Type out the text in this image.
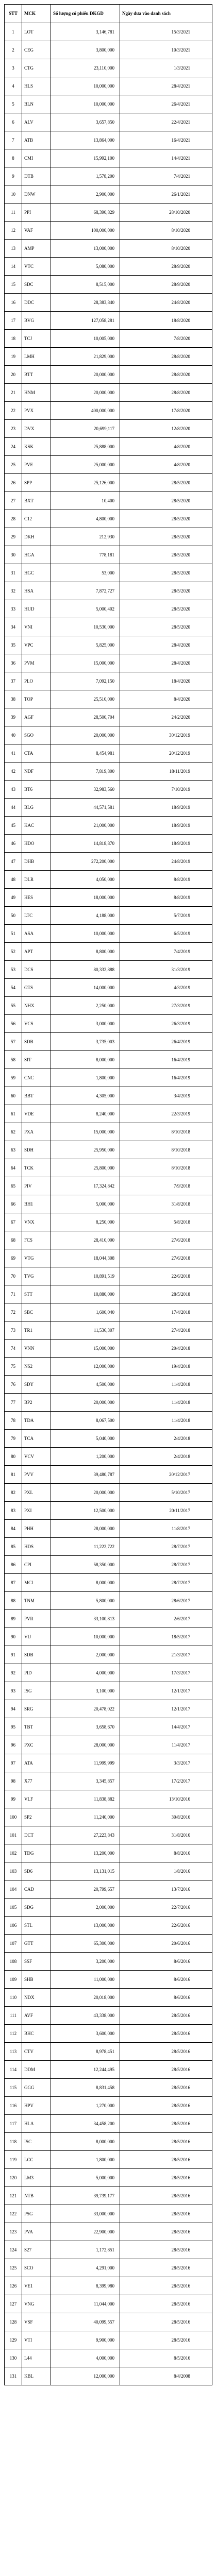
STT	MCK	Số lượng cổ phiếu ĐKGD	Ngày đưa vào danh sách
1	LOT	3,146,781	15/3/2021
2	CEG	3,800,000	10/3/2021
3	CTG	23,110,000	1/3/2021
4	HLS	10,000,000	28/4/2021
5	BLN	10,000,000	26/4/2021
6	ALV	3,657,850	22/4/2021
7	ATB	13,864,000	16/4/2021
8	CMI	15,992,100	14/4/2021
9	DTB	1,578,200	7/4/2021
10	DNW	2,900,000	26/1/2021
11	PPI	68,390,829	28/10/2020
12	VAF	100,000,000	8/10/2020
13	AMP	13,000,000	8/10/2020
14	VTC	5,080,000	28/9/2020
15	SDC	8,515,000	28/9/2020
16	DDC	28,383,840	24/8/2020
17	BVG	127,058,281	18/8/2020
18	TCJ	10,005,000	7/8/2020
19	LMH	21,829,000	28/8/2020
20	BTT	20,000,000	28/8/2020
21	HNM	20,000,000	28/8/2020
22	PVX	400,000,000	17/8/2020
23	DVX	20,699,117	12/8/2020
24	KSK	25,888,000	4/8/2020
25	PVE	25,000,000	4/8/2020
26	SPP	25,126,000	28/5/2020
27	BXT	10,400	28/5/2020
28	C12	4,800,000	28/5/2020
29	DKH	212,930	28/5/2020
30	HGA	778,181	28/5/2020
31	HGC	53,000	28/5/2020
32	HSA	7,872,727	28/5/2020
33	HUD	5,000,402	28/5/2020
34	VNI	10,530,000	28/5/2020
35	VPC	5,825,000	28/4/2020
36	PVM	15,000,000	28/4/2020
37	PLO	7,092,150	18/4/2020
38	TOP	25,510,000	8/4/2020
39	AGF	28,500,704	24/2/2020
40	SGO	20,000,000	30/12/2019
41	CTA	8,454,981	20/12/2019
42	NDF	7,819,800	18/11/2019
43	BT6	32,983,560	7/10/2019
44	BLG	44,571,581	18/9/2019
45	KAC	21,000,000	18/9/2019
46	HDO	14,818,870	18/9/2019
47	DHB	272,200,000	24/8/2019
48	DLR	4,050,000	8/8/2019
49	HES	18,000,000	8/8/2019
50	LTC	4,188,000	5/7/2019
51	ASA	10,000,000	6/5/2019
52	APT	8,800,000	7/4/2019
53	DCS	80,332,888	31/3/2019
54	GTS	14,000,000	4/3/2019
55	NHX	2,250,000	27/3/2019
56	VCS	3,000,000	26/3/2019
57	SDB	3,735,003	26/4/2019
58	SIT	8,000,000	16/4/2019
59	CNC	1,800,000	16/4/2019
60	BBT	4,305,000	3/4/2019
61	VDE	8,240,000	22/3/2019
62	PXA	15,000,000	8/10/2018
63	SDH	25,950,000	8/10/2018
64	TCK	25,800,000	8/10/2018
65	PIV	17,324,842	7/9/2018
66	BH1	5,000,000	31/8/2018
67	VNX	8,250,000	5/8/2018
68	FCS	28,410,000	27/6/2018
69	VTG	18,044,308	27/6/2018
70	TVG	10,891,519	22/6/2018
71	STT	10,880,000	28/5/2018
72	SBC	1,600,040	17/4/2018
73	TR1	11,536,307	27/4/2018
74	VNN	15,000,000	20/4/2018
75	NS2	12,000,000	19/4/2018
76	SDY	4,500,000	11/4/2018
77	BP2	20,000,000	11/4/2018
78	TDA	8,067,500	11/4/2018
79	TCA	5,040,000	2/4/2018
80	VCV	1,200,000	2/4/2018
81	PVV	39,480,787	20/12/2017
82	PXL	20,000,000	5/10/2017
83	PXI	12,500,000	20/11/2017
84	PHH	28,000,000	11/8/2017
85	HDS	11,222,722	28/7/2017
86	CPI	58,350,000	28/7/2017
87	MCI	8,000,000	28/7/2017
88	TNM	5,800,000	28/6/2017
89	PVR	33,100,813	2/6/2017
90	VIJ	10,000,000	18/5/2017
91	SDB	2,000,000	21/3/2017
92	PID	4,000,000	17/3/2017
93	ISG	3,100,000	12/1/2017
94	SRG	20,478,022	12/1/2017
95	TBT	3,658,670	14/4/2017
96	PXC	28,000,000	11/4/2017
97	ATA	11,999,999	3/3/2017
98	X77	3,345,857	17/2/2017
99	VLF	11,838,882	13/10/2016
100	SP2	11,240,000	30/8/2016
101	DCT	27,223,843	31/8/2016
102	TDG	13,200,000	8/8/2016
103	SD6	13,131,015	1/8/2016
104	CAD	20,799,657	13/7/2016
105	SDG	2,000,000	22/7/2016
106	STL	13,000,000	22/6/2016
107	GTT	65,300,000	20/6/2016
108	SSF	3,200,000	8/6/2016
109	SHB	11,000,000	8/6/2016
110	NDX	20,018,000	8/6/2016
111	AVF	43,338,000	28/5/2016
112	BHC	3,600,000	28/5/2016
113	CTV	8,978,451	28/5/2016
114	DDM	12,244,495	28/5/2016
115	GGG	8,831,458	28/5/2016
116	HPV	1,270,000	28/5/2016
117	HLA	34,458,200	28/5/2016
118	ISC	8,000,000	28/5/2016
119	LCC	1,800,000	28/5/2016
120	LM3	5,000,000	28/5/2016
121	NTB	39,739,177	28/5/2016
122	PSG	33,000,000	28/5/2016
123	PVA	22,900,000	28/5/2016
124	S27	1,172,851	28/5/2016
125	SCO	4,291,000	28/5/2016
126	VE1	8,399,980	28/5/2016
127	VNG	11,044,000	28/5/2016
128	VSF	40,099,557	28/5/2016
129	VTI	9,900,000	28/5/2016
130	L44	4,000,000	8/5/2016
131	KBL	12,000,000	8/4/2008
